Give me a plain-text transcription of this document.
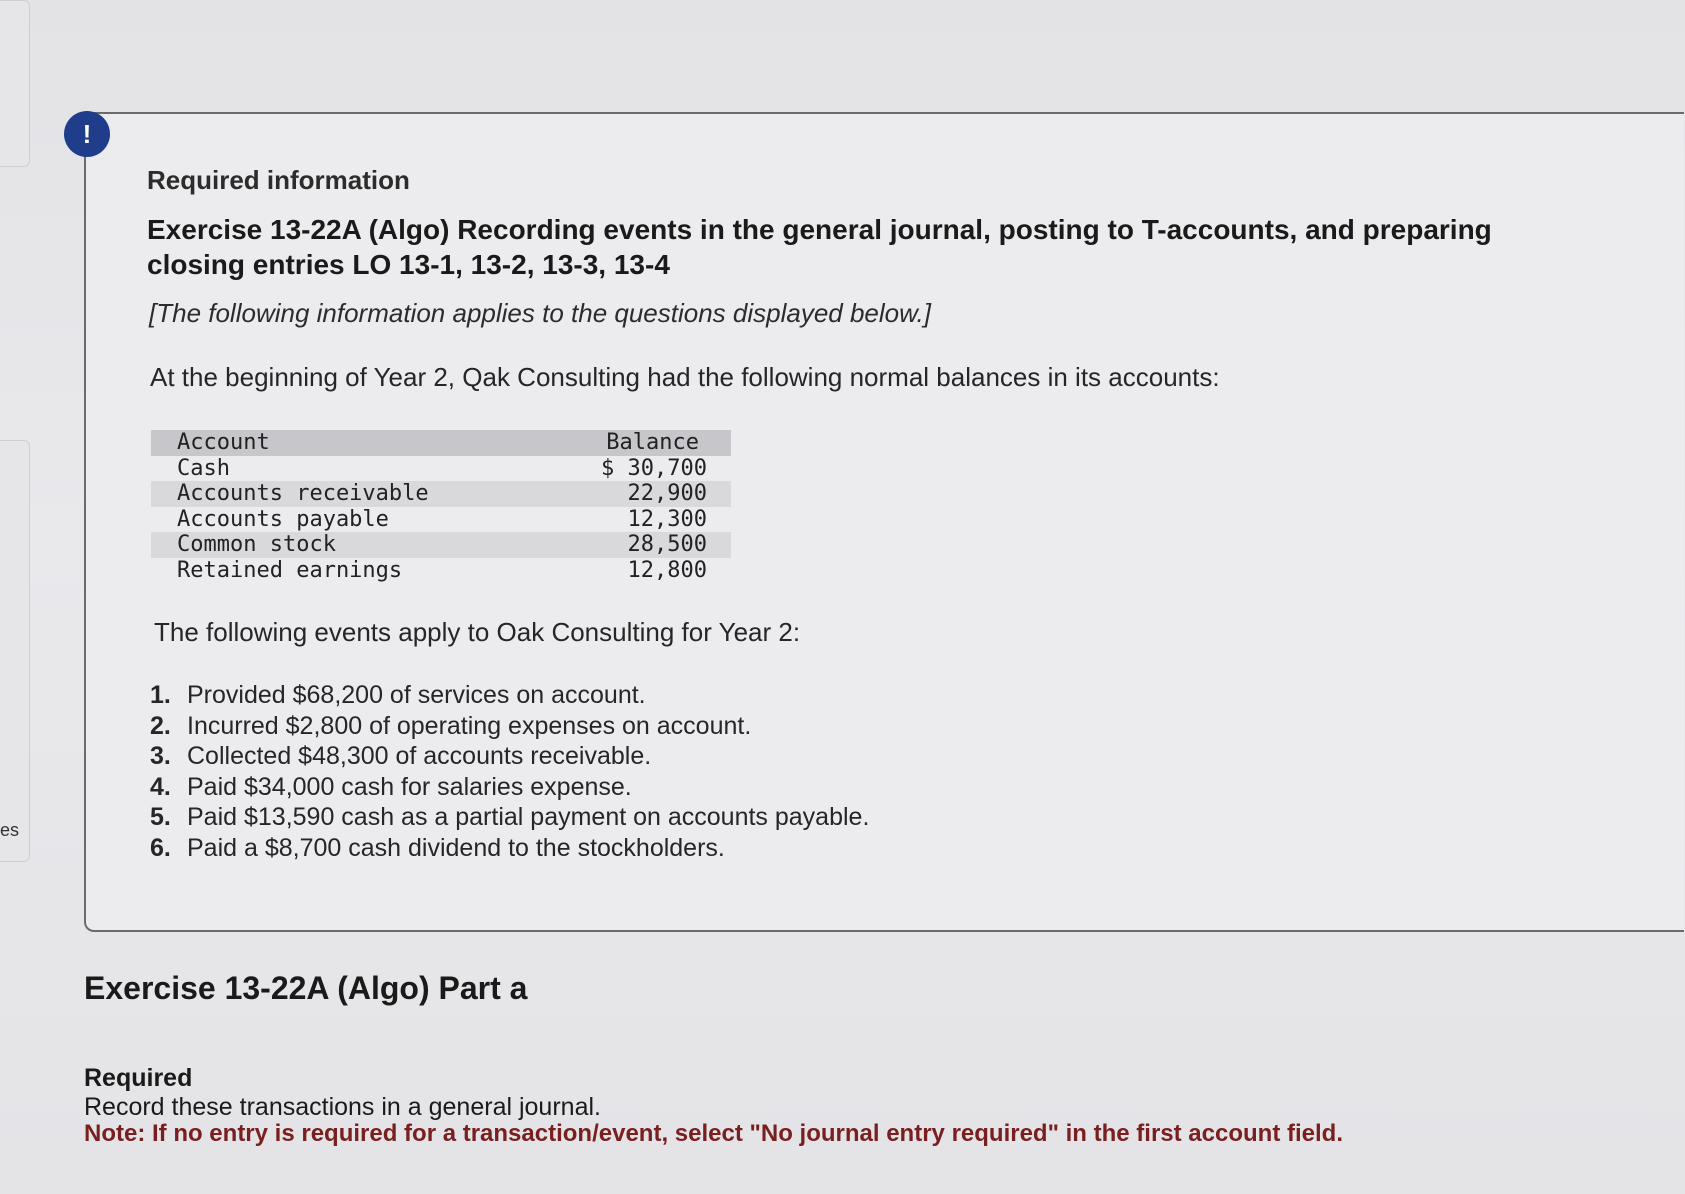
es
!
Required information
Exercise 13-22A (Algo) Recording events in the general journal, posting to T-accounts, and preparing closing entries LO 13-1, 13-2, 13-3, 13-4
[The following information applies to the questions displayed below.]
At the beginning of Year 2, Qak Consulting had the following normal balances in its accounts:
Account	Balance
Cash	$ 30,700
Accounts receivable	22,900
Accounts payable	12,300
Common stock	28,500
Retained earnings	12,800
The following events apply to Oak Consulting for Year 2:
1. Provided $68,200 of services on account.
2. Incurred $2,800 of operating expenses on account.
3. Collected $48,300 of accounts receivable.
4. Paid $34,000 cash for salaries expense.
5. Paid $13,590 cash as a partial payment on accounts payable.
6. Paid a $8,700 cash dividend to the stockholders.
Exercise 13-22A (Algo) Part a
Required
Record these transactions in a general journal.
Note: If no entry is required for a transaction/event, select "No journal entry required" in the first account field.
